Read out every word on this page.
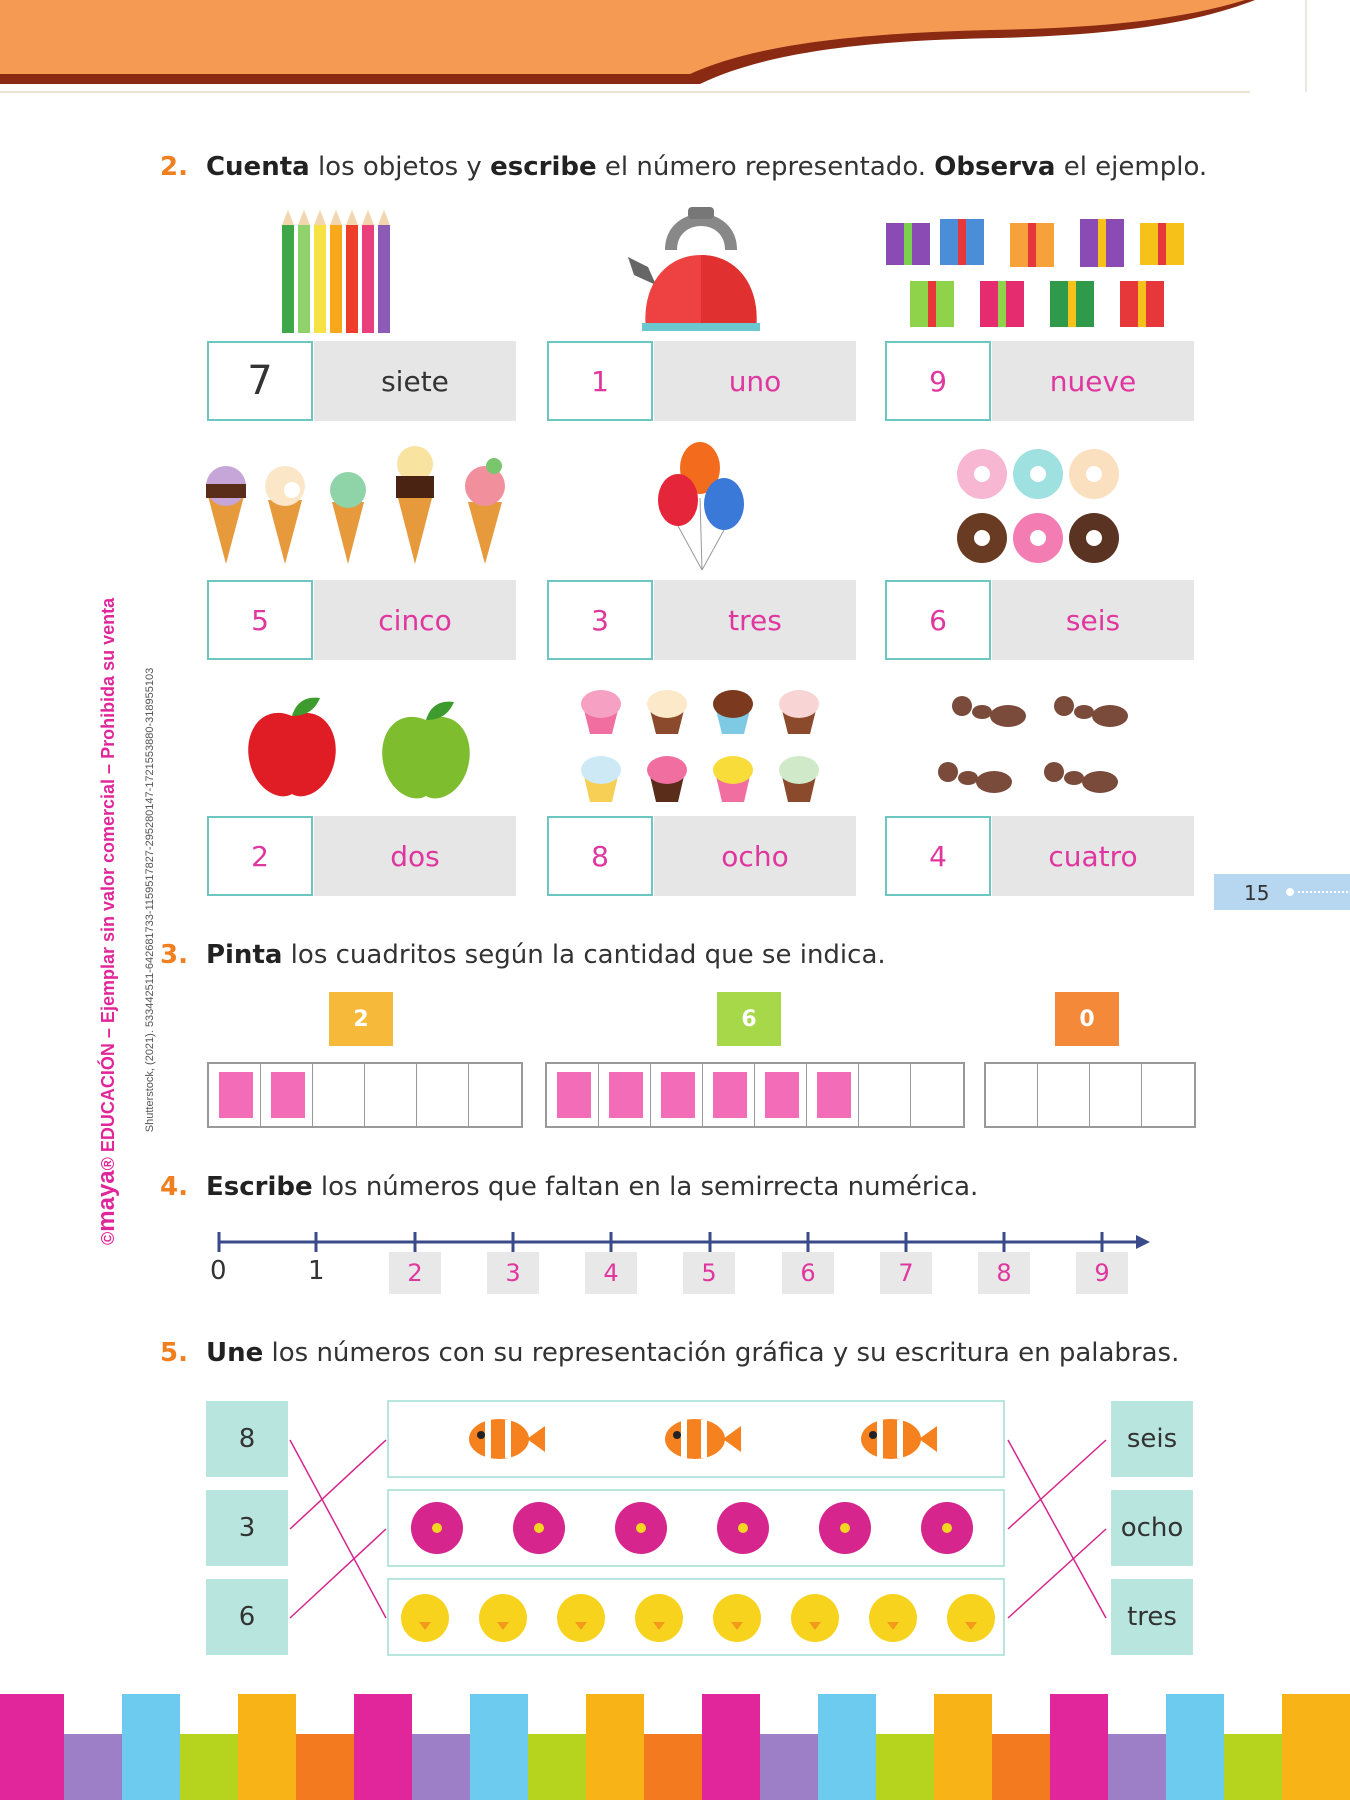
©maya® EDUCACIÓN – Ejemplar sin valor comercial – Prohibida su venta Shutterstock, (2021). 533442511-642681733-1159517827-295280147-1721553880-318955103	15
2. Cuenta los objetos y escribe el número representado. Observa el ejemplo.
7	siete	1	uno	9	nueve
5	cinco	3	tres	6	seis
2	dos	8	ocho	4	cuatro
3. Pinta los cuadritos según la cantidad que se indica.
2	6	0
4. Escribe los números que faltan en la semirrecta numérica.
0	1	2	3	4	5	6	7	8	9
5. Une los números con su representación gráfica y su escritura en palabras.
8
3
6
seis
ocho
tres
